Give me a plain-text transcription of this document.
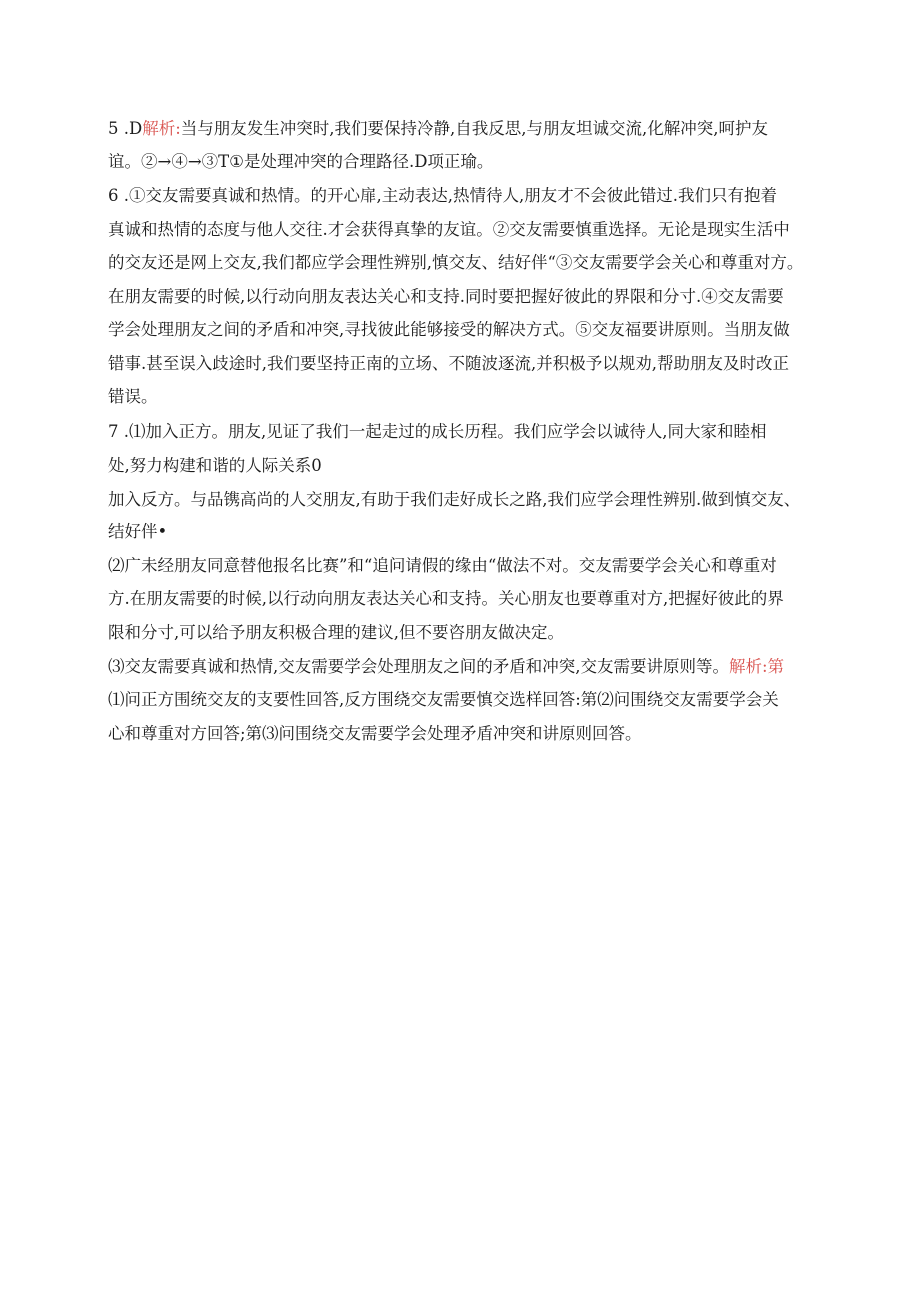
5 .D解析:当与朋友发生冲突时,我们要保持冷静,自我反思,与朋友坦诚交流,化解冲突,呵护友
谊。②→④→③T①是处理冲突的合理路径.D项正瑜。
6 .①交友需要真诚和热情。的开心扉,主动表达,热情待人,朋友才不会彼此错过.我们只有抱着
真诚和热情的态度与他人交往.才会获得真挚的友谊。②交友需要慎重选择。无论是现实生活中
的交友还是网上交友,我们都应学会理性辨别,慎交友、结好伴“③交友需要学会关心和尊重对方。
在朋友需要的时候,以行动向朋友表达关心和支持.同时要把握好彼此的界限和分寸.④交友需要
学会处理朋友之间的矛盾和冲突,寻找彼此能够接受的解决方式。⑤交友福要讲原则。当朋友做
错事.甚至误入歧途时,我们要坚持正南的立场、不随波逐流,并积极予以规劝,帮助朋友及时改正
错误。
7 .⑴加入正方。朋友,见证了我们一起走过的成长历程。我们应学会以诚待人,同大家和睦相
处,努力构建和谐的人际关系0
加入反方。与品镌高尚的人交朋友,有助于我们走好成长之路,我们应学会理性辨别.做到慎交友、
结好伴•
⑵广未经朋友同意替他报名比赛”和“追问请假的缘由“做法不对。交友需要学会关心和尊重对
方.在朋友需要的时候,以行动向朋友表达关心和支持。关心朋友也要尊重对方,把握好彼此的界
限和分寸,可以给予朋友积极合理的建议,但不要咨朋友做决定。
⑶交友需要真诚和热情,交友需要学会处理朋友之间的矛盾和冲突,交友需要讲原则等。解析:第
⑴问正方围统交友的支要性回答,反方围绕交友需要慎交选样回答:第⑵问围绕交友需要学会关
心和尊重对方回答;第⑶问围绕交友需要学会处理矛盾冲突和讲原则回答。
